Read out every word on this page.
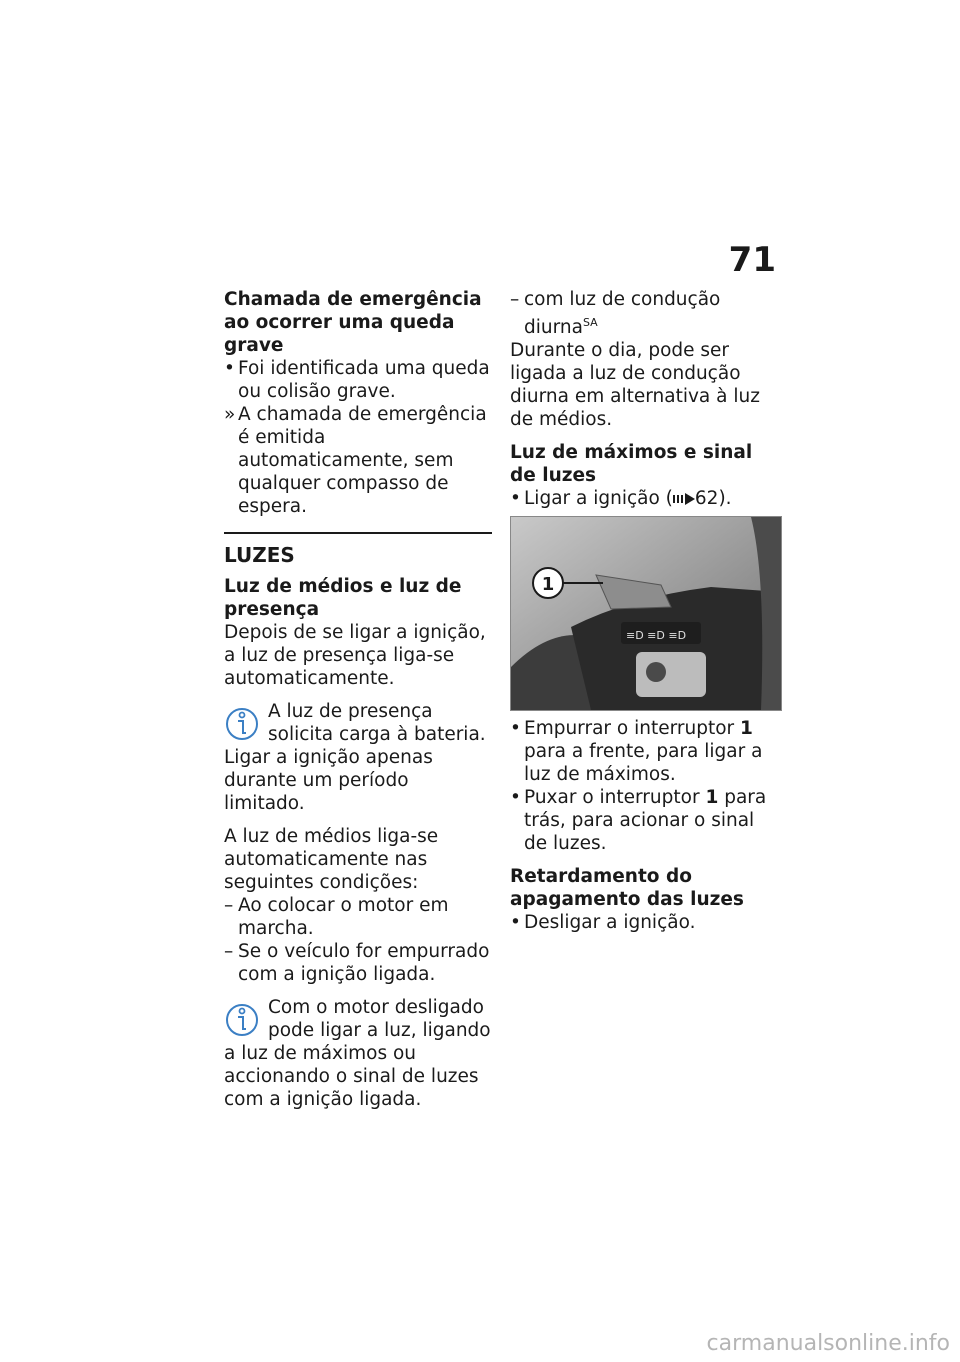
71
Chamada de emergência ao ocorrer uma queda grave
• Foi identificada uma queda ou colisão grave.
» A chamada de emergência é emitida automaticamente, sem qualquer compasso de espera.
LUZES
Luz de médios e luz de presença
Depois de se ligar a ignição, a luz de presença liga-se automaticamente.
A luz de presença solicita carga à bateria. Ligar a ignição apenas durante um período limitado.
A luz de médios liga-se automaticamente nas seguintes condições:
– Ao colocar o motor em marcha.
– Se o veículo for empurrado com a ignição ligada.
Com o motor desligado pode ligar a luz, ligando a luz de máximos ou accionando o sinal de luzes com a ignição ligada.
– com luz de condução diurna$^{SA}$
Durante o dia, pode ser ligada a luz de condução diurna em alternativa à luz de médios.
Luz de máximos e sinal de luzes
• Ligar a ignição ( 62).
≡D ≡D ≡D
1
• Empurrar o interruptor 1 para a frente, para ligar a luz de máximos.
• Puxar o interruptor 1 para trás, para acionar o sinal de luzes.
Retardamento do apagamento das luzes
• Desligar a ignição.
carmanualsonline.info
